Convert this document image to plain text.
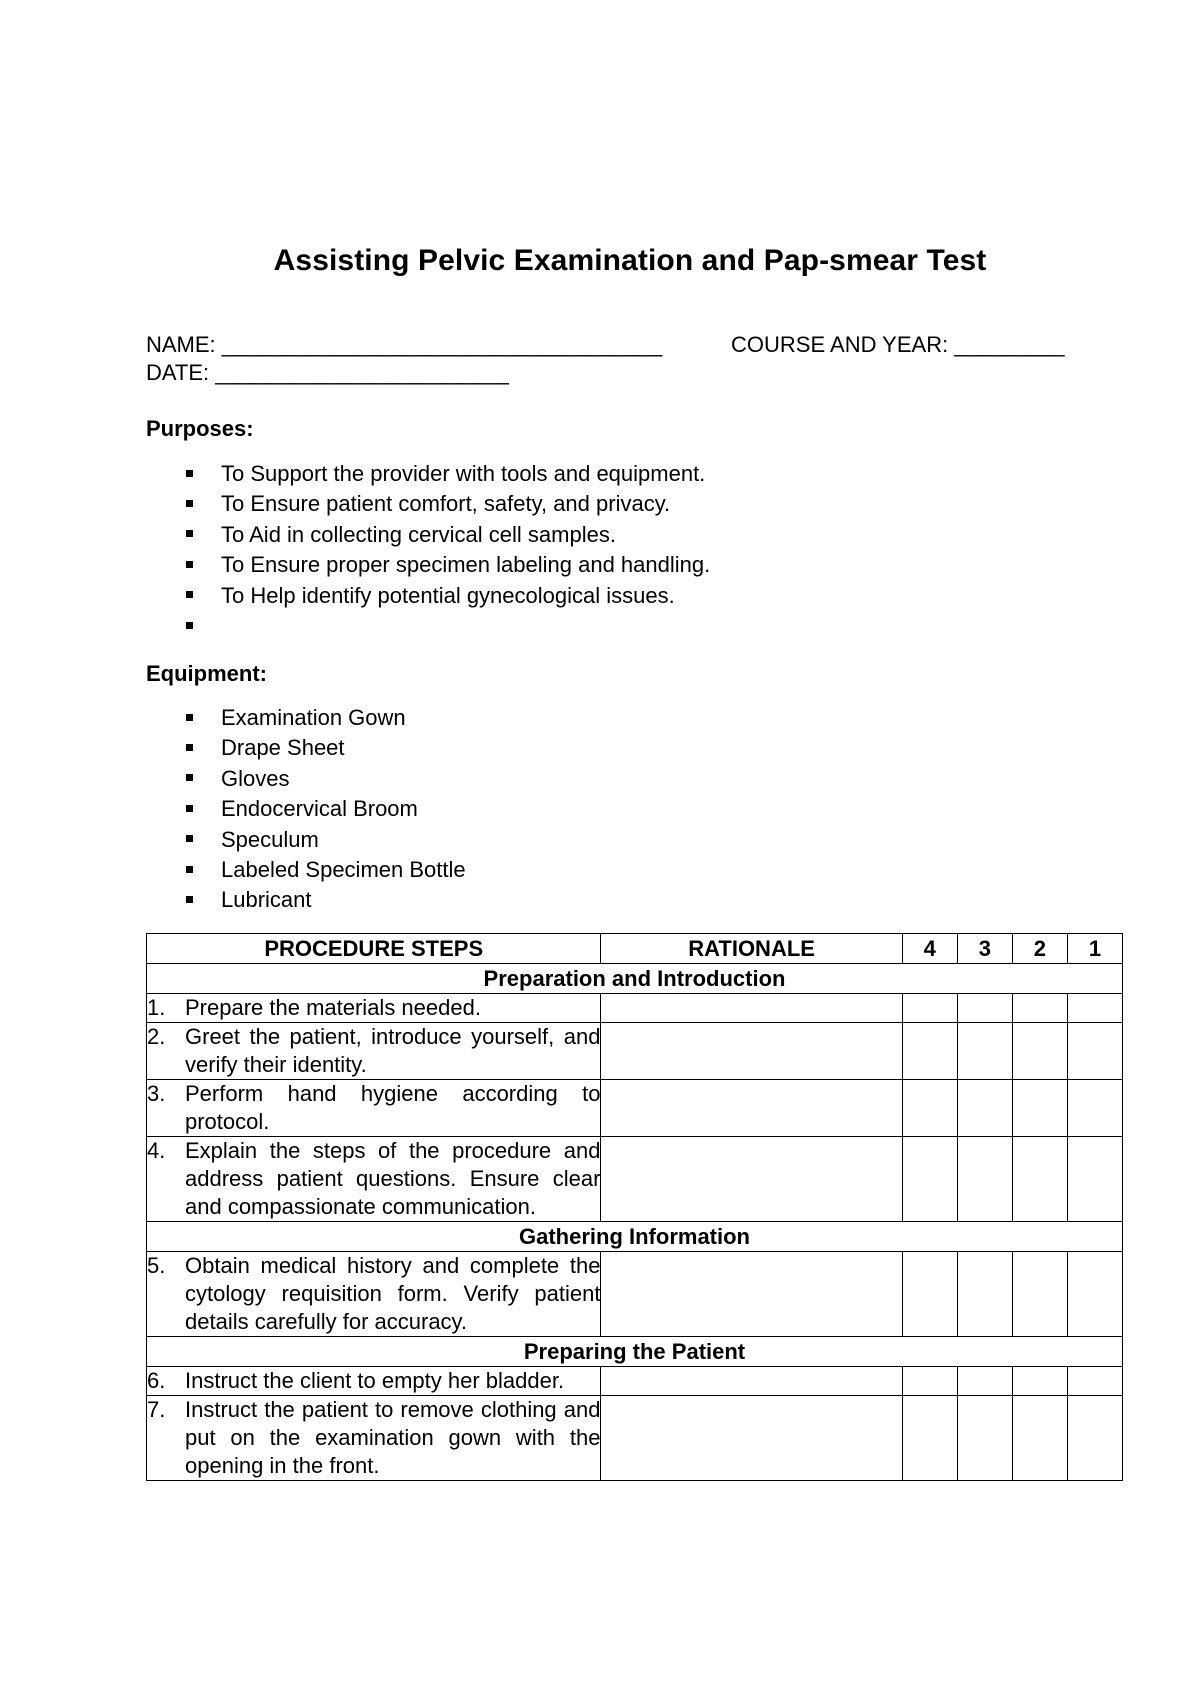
Assisting Pelvic Examination and Pap-smear Test
NAME: ____________________________________	COURSE AND YEAR: _________
DATE: ________________________
Purposes:
To Support the provider with tools and equipment.
To Ensure patient comfort, safety, and privacy.
To Aid in collecting cervical cell samples.
To Ensure proper specimen labeling and handling.
To Help identify potential gynecological issues.
Equipment:
Examination Gown
Drape Sheet
Gloves
Endocervical Broom
Speculum
Labeled Specimen Bottle
Lubricant
PROCEDURE STEPS	RATIONALE	4	3	2	1
Preparation and Introduction					

1. Prepare the materials needed.					

2. Greet the patient, introduce yourself, and verify their identity.					

3. Perform hand hygiene according to protocol.					

4. Explain the steps of the procedure and address patient questions. Ensure clear and compassionate communication.					

Gathering Information					

5. Obtain medical history and complete the cytology requisition form. Verify patient details carefully for accuracy.					

Preparing the Patient					

6. Instruct the client to empty her bladder.					

7. Instruct the patient to remove clothing and put on the examination gown with the opening in the front.					
